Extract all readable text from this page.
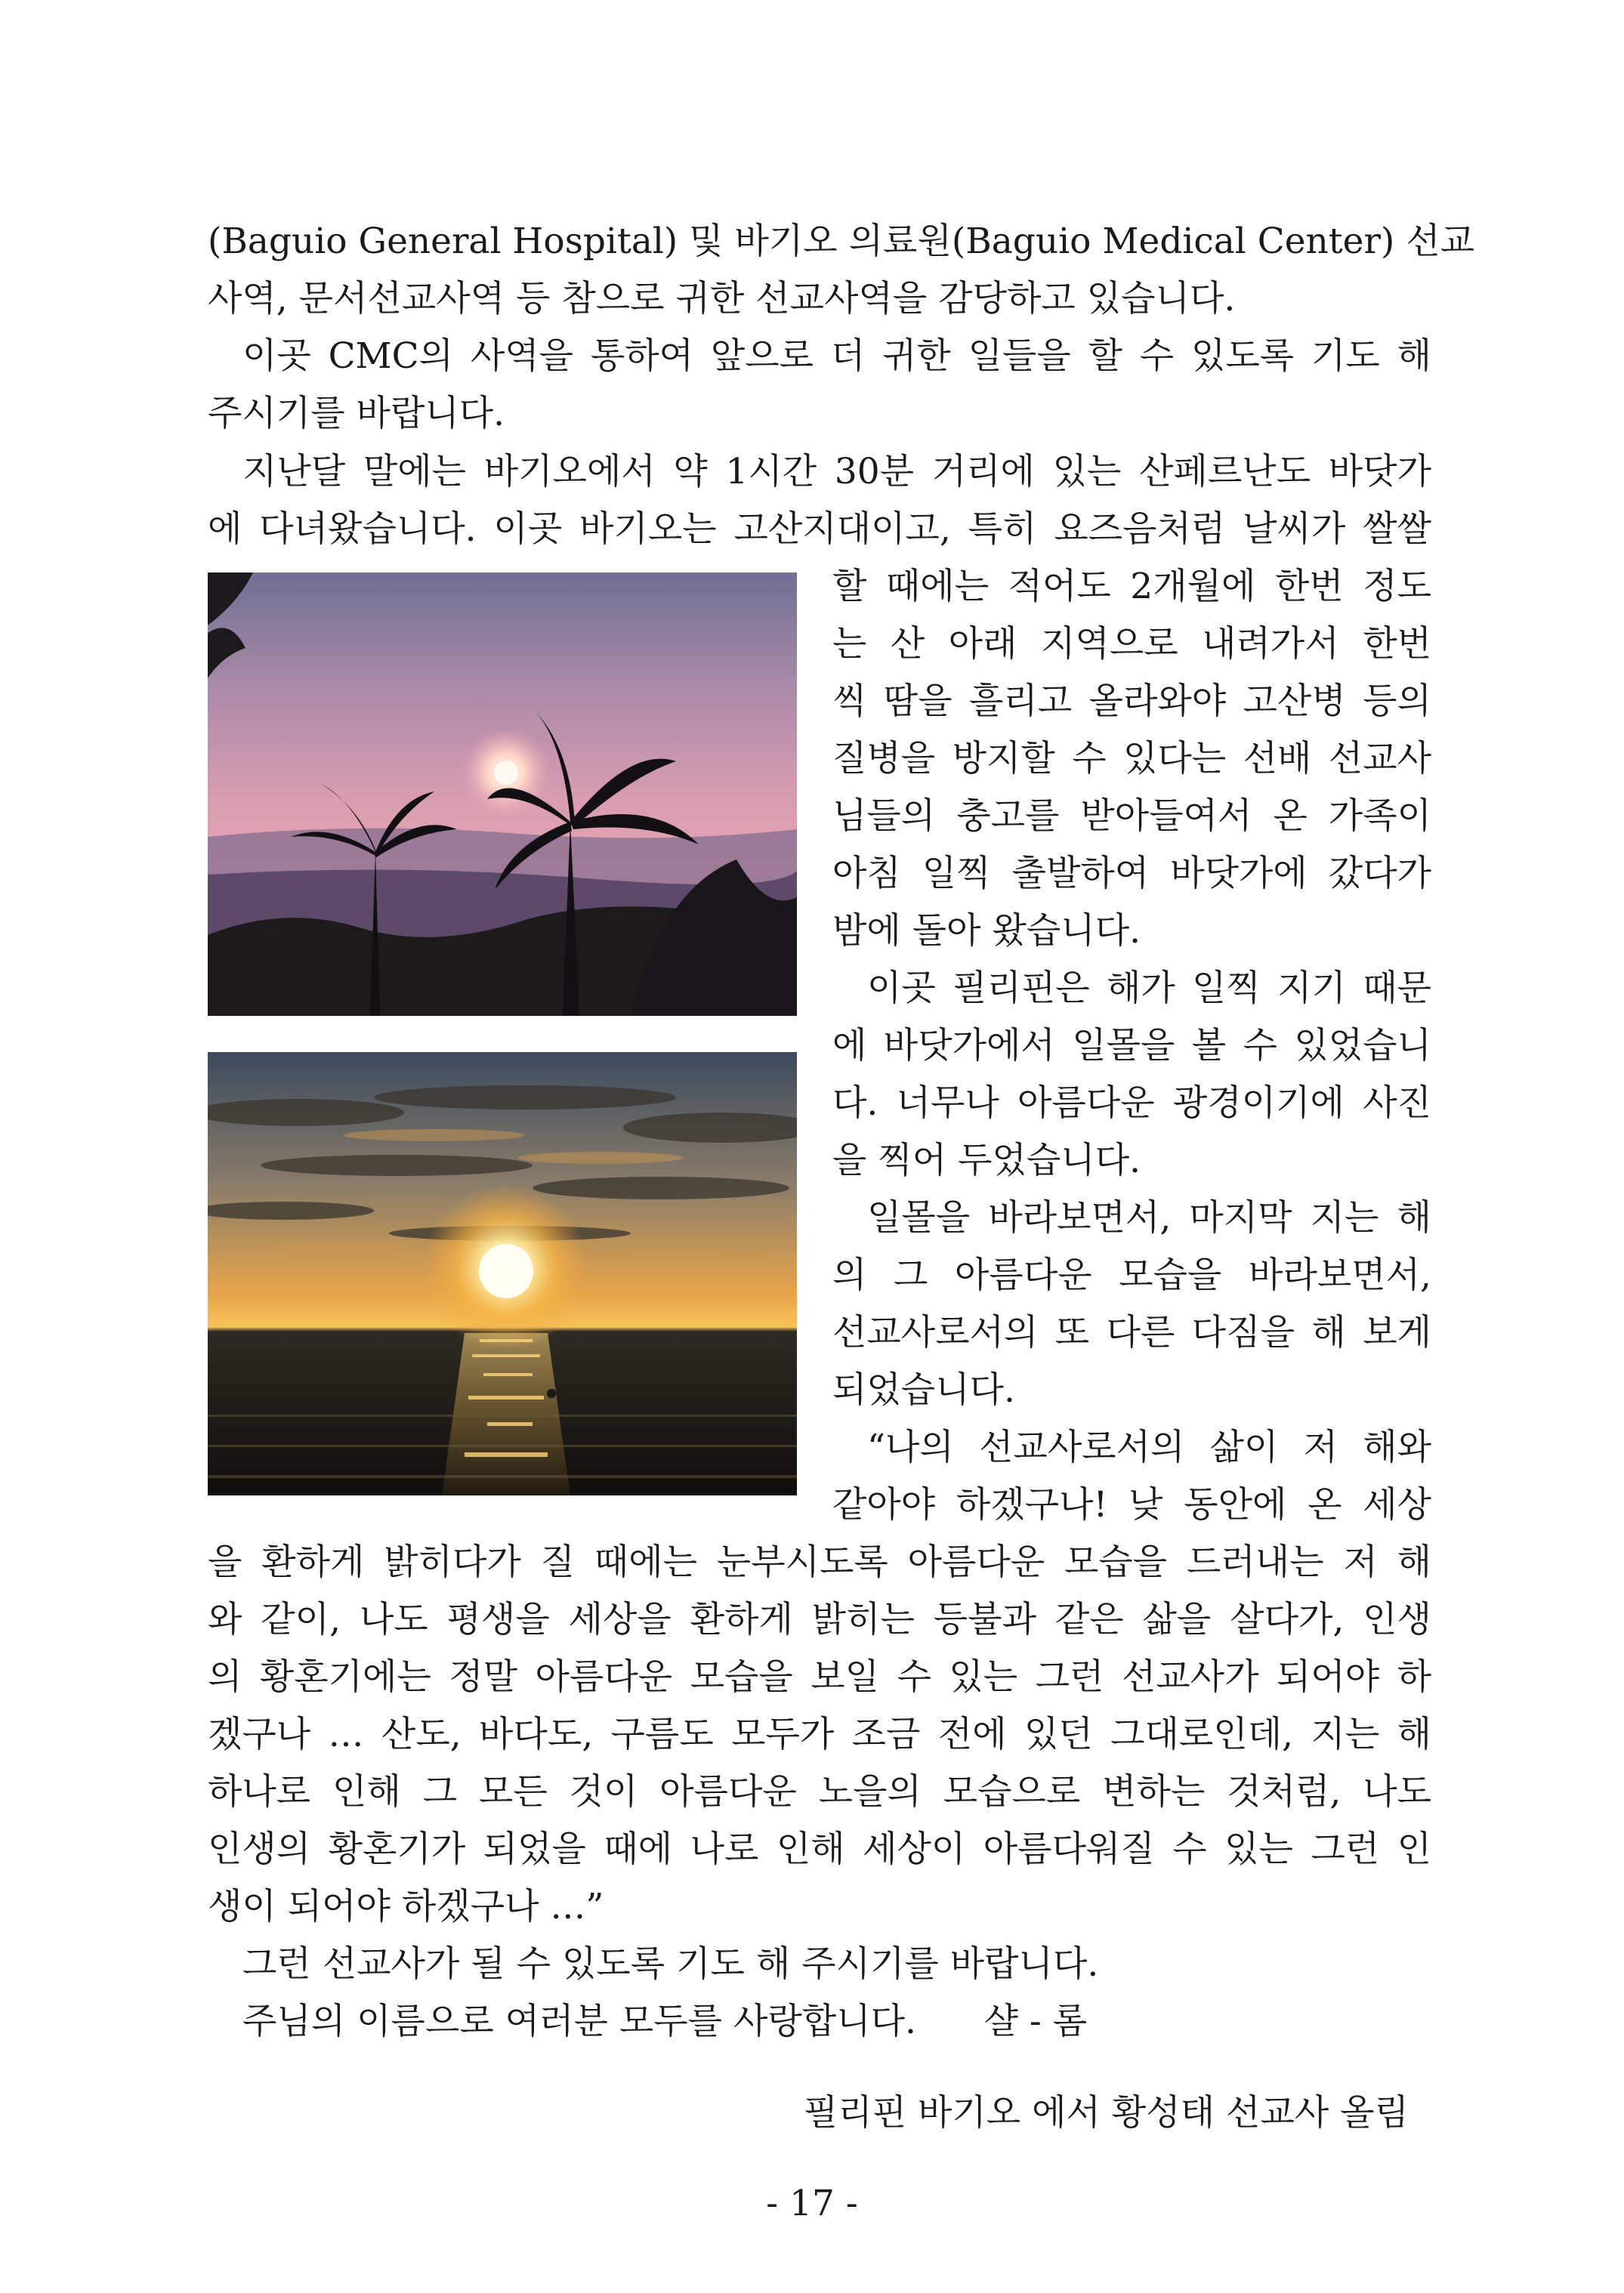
(Baguio General Hospital) 및 바기오 의료원(Baguio Medical Center) 선교
사역, 문서선교사역 등 참으로 귀한 선교사역을 감당하고 있습니다.
이곳 CMC의 사역을 통하여 앞으로 더 귀한 일들을 할 수 있도록 기도 해
주시기를 바랍니다.
지난달 말에는 바기오에서 약 1시간 30분 거리에 있는 산페르난도 바닷가
에 다녀왔습니다. 이곳 바기오는 고산지대이고, 특히 요즈음처럼 날씨가 쌀쌀
할 때에는 적어도 2개월에 한번 정도
는 산 아래 지역으로 내려가서 한번
씩 땀을 흘리고 올라와야 고산병 등의
질병을 방지할 수 있다는 선배 선교사
님들의 충고를 받아들여서 온 가족이
아침 일찍 출발하여 바닷가에 갔다가
밤에 돌아 왔습니다.
이곳 필리핀은 해가 일찍 지기 때문
에 바닷가에서 일몰을 볼 수 있었습니
다. 너무나 아름다운 광경이기에 사진
을 찍어 두었습니다.
일몰을 바라보면서, 마지막 지는 해
의 그 아름다운 모습을 바라보면서,
선교사로서의 또 다른 다짐을 해 보게
되었습니다.
“나의 선교사로서의 삶이 저 해와
같아야 하겠구나! 낮 동안에 온 세상
을 환하게 밝히다가 질 때에는 눈부시도록 아름다운 모습을 드러내는 저 해
와 같이, 나도 평생을 세상을 환하게 밝히는 등불과 같은 삶을 살다가, 인생
의 황혼기에는 정말 아름다운 모습을 보일 수 있는 그런 선교사가 되어야 하
겠구나 … 산도, 바다도, 구름도 모두가 조금 전에 있던 그대로인데, 지는 해
하나로 인해 그 모든 것이 아름다운 노을의 모습으로 변하는 것처럼, 나도
인생의 황혼기가 되었을 때에 나로 인해 세상이 아름다워질 수 있는 그런 인
생이 되어야 하겠구나 …”
그런 선교사가 될 수 있도록 기도 해 주시기를 바랍니다.
주님의 이름으로 여러분 모두를 사랑합니다.      샬 - 롬
필리핀 바기오 에서 황성태 선교사 올림
- 17 -
